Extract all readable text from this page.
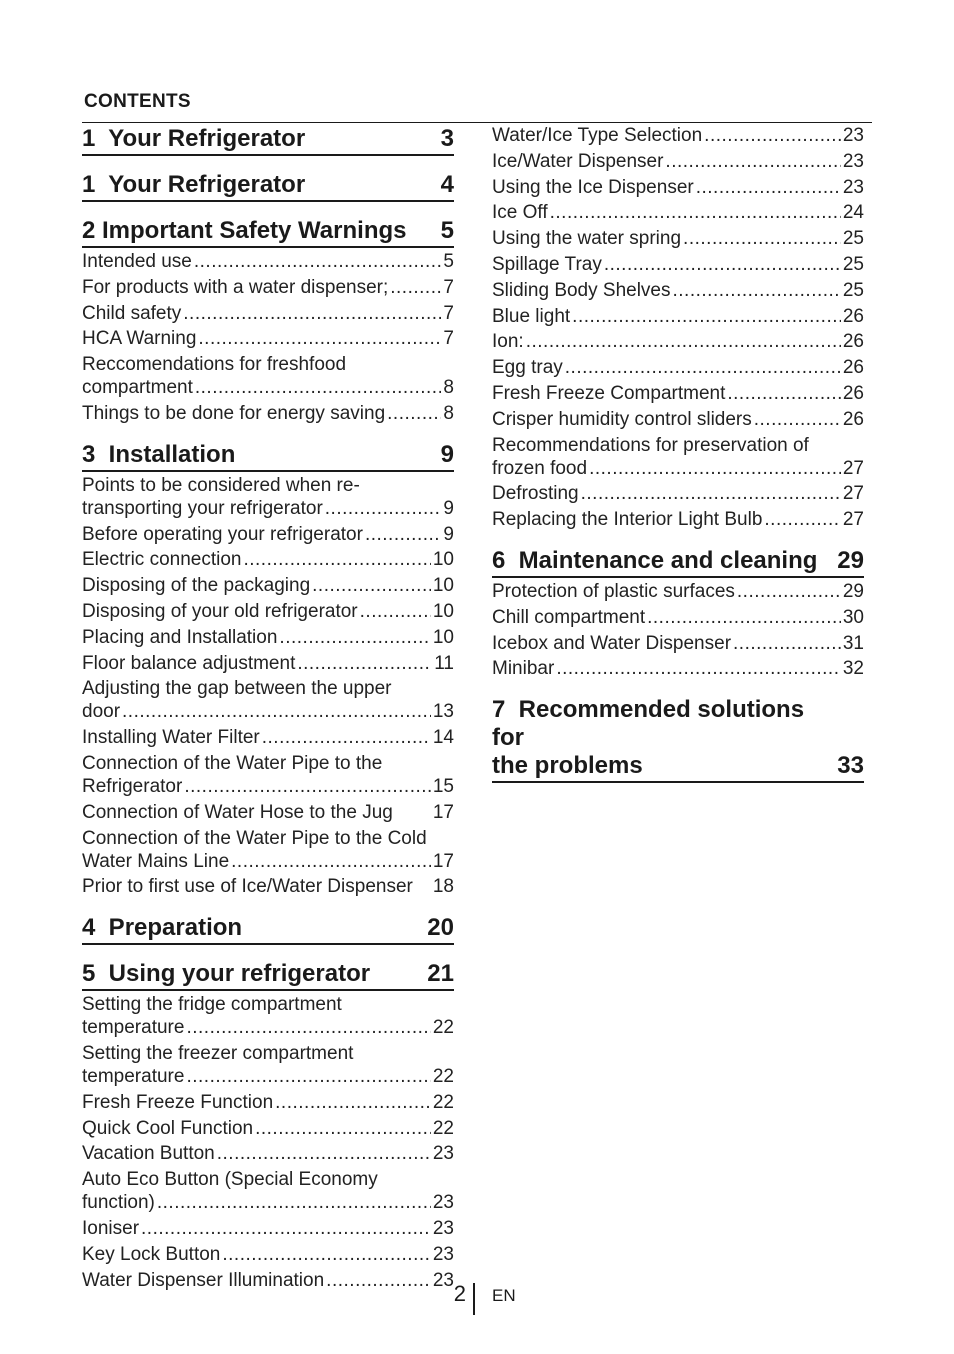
CONTENTS
1  Your Refrigerator	3
1  Your Refrigerator	4
2 Important Safety Warnings 5
Intended use .....	5
For products with a water dispenser; .....	7
Child safety .....	7
HCA Warning .....	7
Reccomendations for freshfood
compartment .....	8
Things to be done for energy saving .....	8
3  Installation	9
Points to be considered when re-
transporting your refrigerator .....	9
Before operating your refrigerator .....	9
Electric connection .....	10
Disposing of the packaging .....	10
Disposing of your old refrigerator .....	10
Placing and Installation .....	10
Floor balance adjustment .....	11
Adjusting the gap between the upper
door .....	13
Installing Water Filter .....	14
Connection of the Water Pipe to the
Refrigerator .....	15
Connection of Water Hose to the Jug 17
Connection of the Water Pipe to the Cold
Water Mains Line .....	17
Prior to first use of Ice/Water Dispenser 18
4  Preparation	20
5  Using your refrigerator 21
Setting the fridge compartment
temperature .....	22
Setting the freezer compartment
temperature .....	22
Fresh Freeze Function .....	22
Quick Cool Function .....	22
Vacation Button .....	23
Auto Eco Button (Special Economy
function) .....	23
Ioniser .....	23
Key Lock Button .....	23
Water Dispenser Illumination .....	23
Water/Ice Type Selection .....	23
Ice/Water Dispenser .....	23
Using the Ice Dispenser .....	23
Ice Off .....	24
Using the water spring .....	25
Spillage Tray .....	25
Sliding Body Shelves .....	25
Blue light .....	26
Ion: .....	26
Egg tray .....	26
Fresh Freeze Compartment .....	26
Crisper humidity control sliders .....	26
Recommendations for preservation of
frozen food .....	27
Defrosting .....	27
Replacing the Interior Light Bulb .....	27
6  Maintenance and cleaning 29
Protection of plastic surfaces .....	29
Chill compartment .....	30
Icebox and Water Dispenser .....	31
Minibar .....	32
7  Recommended solutions for
the problems	33
2 EN
